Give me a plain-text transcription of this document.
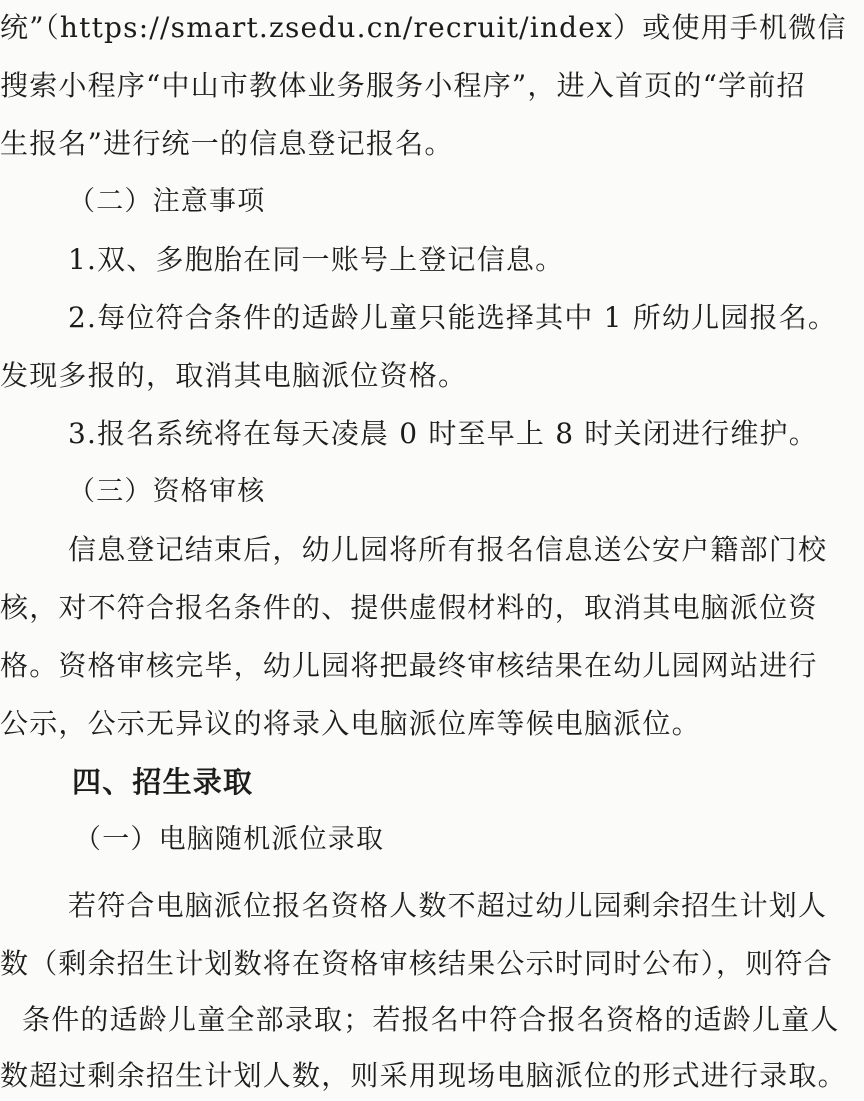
统”（https://smart.zsedu.cn/recruit/index）或使用手机微信
搜索小程序“中山市教体业务服务小程序”，进入首页的“学前招
生报名”进行统一的信息登记报名。
（二）注意事项
1.双、多胞胎在同一账号上登记信息。
2.每位符合条件的适龄儿童只能选择其中 1 所幼儿园报名。
发现多报的，取消其电脑派位资格。
3.报名系统将在每天凌晨 0 时至早上 8 时关闭进行维护。
（三）资格审核
信息登记结束后，幼儿园将所有报名信息送公安户籍部门校
核，对不符合报名条件的、提供虚假材料的，取消其电脑派位资
格。资格审核完毕，幼儿园将把最终审核结果在幼儿园网站进行
公示，公示无异议的将录入电脑派位库等候电脑派位。
四、招生录取
（一）电脑随机派位录取
若符合电脑派位报名资格人数不超过幼儿园剩余招生计划人
数（剩余招生计划数将在资格审核结果公示时同时公布），则符合
条件的适龄儿童全部录取；若报名中符合报名资格的适龄儿童人
数超过剩余招生计划人数，则采用现场电脑派位的形式进行录取。
